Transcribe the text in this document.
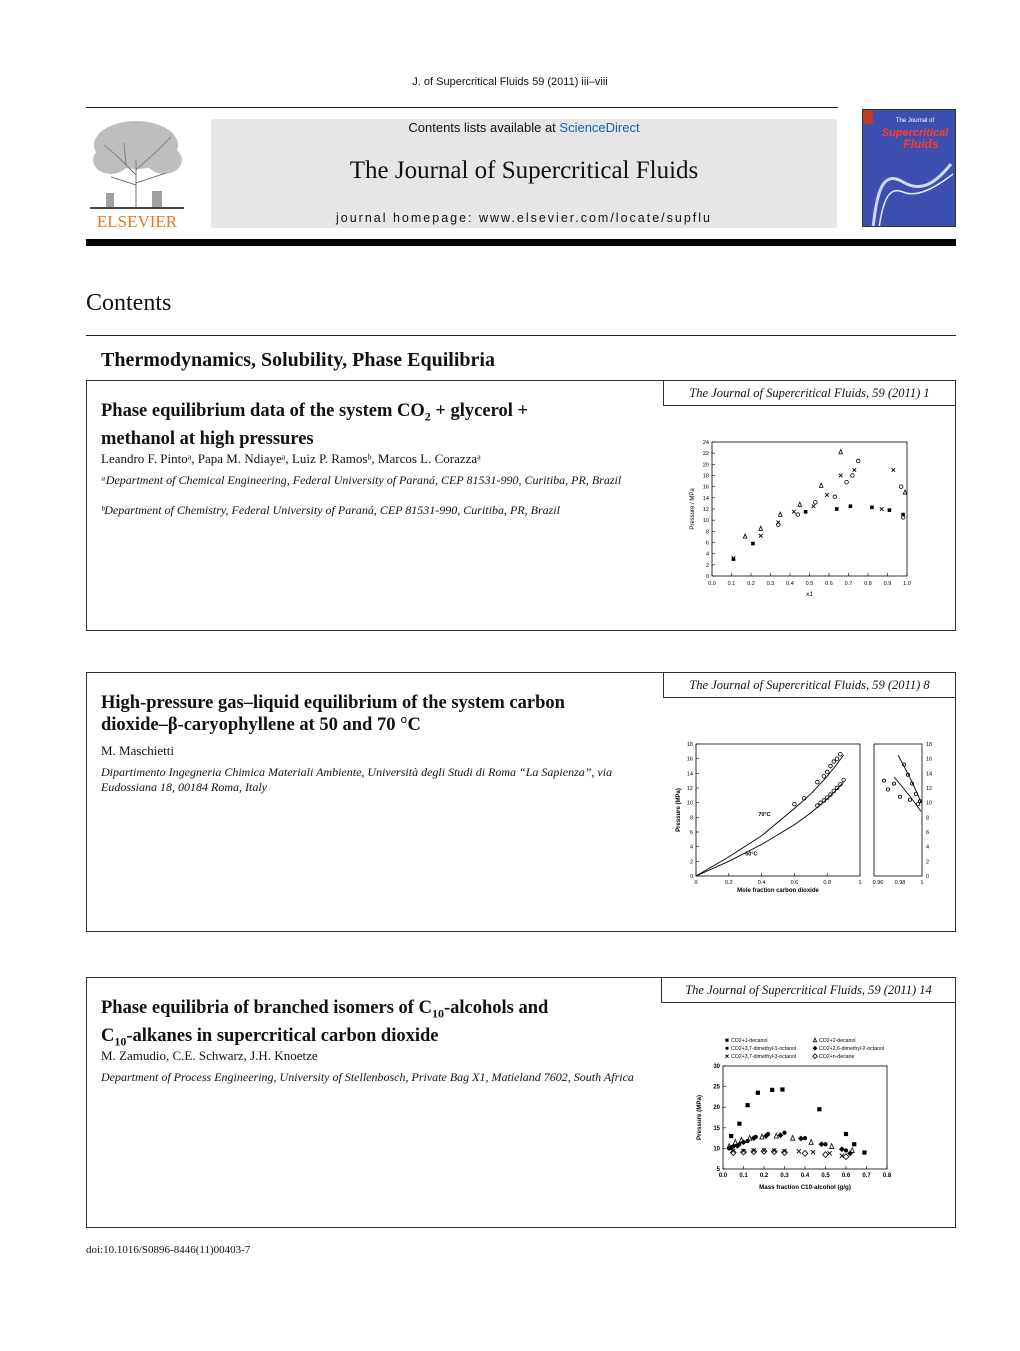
J. of Supercritical Fluids 59 (2011) iii–viii
ELSEVIER
Contents lists available at ScienceDirect
The Journal of Supercritical Fluids
journal homepage: www.elsevier.com/locate/supflu
The Journal of
Supercritical
Fluids
Contents
Thermodynamics, Solubility, Phase Equilibria
The Journal of Supercritical Fluids, 59 (2011) 1
Phase equilibrium data of the system $CO_2$ + glycerol +
methanol at high pressures
Leandro F. Pintoᵃ, Papa M. Ndiayeᵃ, Luiz P. Ramosᵇ, Marcos L. Corazzaᵃ
ᵃDepartment of Chemical Engineering, Federal University of Paraná, CEP 81531-990, Curitiba, PR, Brazil
ᵇDepartment of Chemistry, Federal University of Paraná, CEP 81531-990, Curitiba, PR, Brazil
0.0 0.1 0.2 0.3 0.4 0.5 0.6 0.7 0.8 0.9 1.0
0
2
4
6
8
10
12
14
16
18
20
22
24
x1
Pressure / MPa
The Journal of Supercritical Fluids, 59 (2011) 8
High-pressure gas–liquid equilibrium of the system carbon
dioxide–β-caryophyllene at 50 and 70 °C
M. Maschietti
Dipartimento Ingegneria Chimica Materiali Ambiente, Università degli Studi di Roma “La Sapienza”, via Eudossiana 18, 00184 Roma, Italy
0	0.2	0.4	0.6	0.8	1
0
2
4
6
8
10
12
14
16
18
Mole fraction carbon dioxide
Pressure (MPa)	70°C
50°C
0.96 0.98	1
0
2
4
6
8
10
12
14
16
18
The Journal of Supercritical Fluids, 59 (2011) 14
Phase equilibria of branched isomers of $C_{10}$-alcohols and
$C_{10}$-alkanes in supercritical carbon dioxide
M. Zamudio, C.E. Schwarz, J.H. Knoetze
Department of Process Engineering, University of Stellenbosch, Private Bag X1, Matieland 7602, South Africa
CO2+1-decanol	CO2+2-decanol
CO2+3,7-dimethyl-1-octanol	CO2+2,6-dimethyl-2-octanol
CO2+3,7-dimethyl-3-octanol	CO2+n-decane
0.0 0.1 0.2 0.3 0.4 0.5 0.6 0.7 0.8
5
10
15
20
25
30
Mass fraction C10-alcohol (g/g)
Pressure (MPa)
doi:10.1016/S0896-8446(11)00403-7
